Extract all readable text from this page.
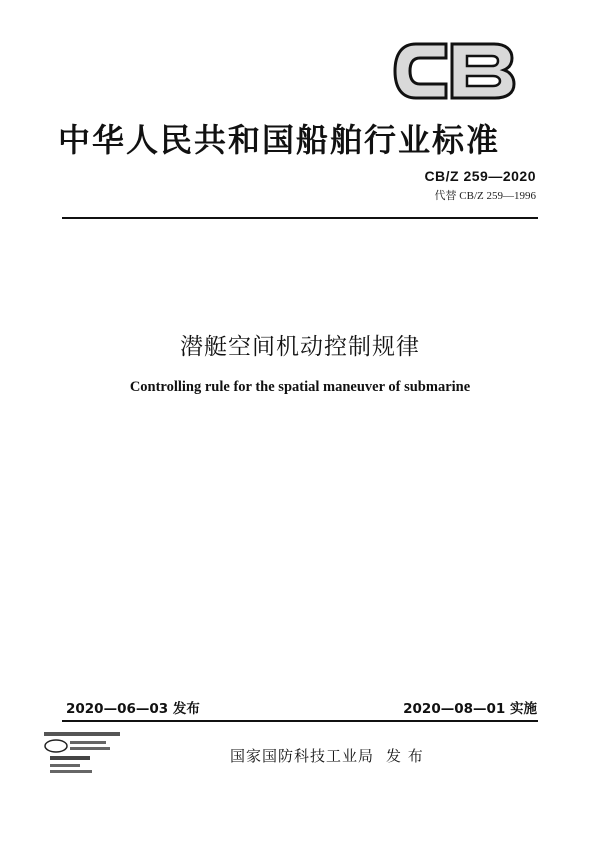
中华人民共和国船舶行业标准
CB/Z 259—2020
代替 CB/Z 259—1996
潜艇空间机动控制规律
Controlling rule for the spatial maneuver of submarine
2020—06—03 发布	2020—08—01 实施
国家国防科技工业局 发 布
